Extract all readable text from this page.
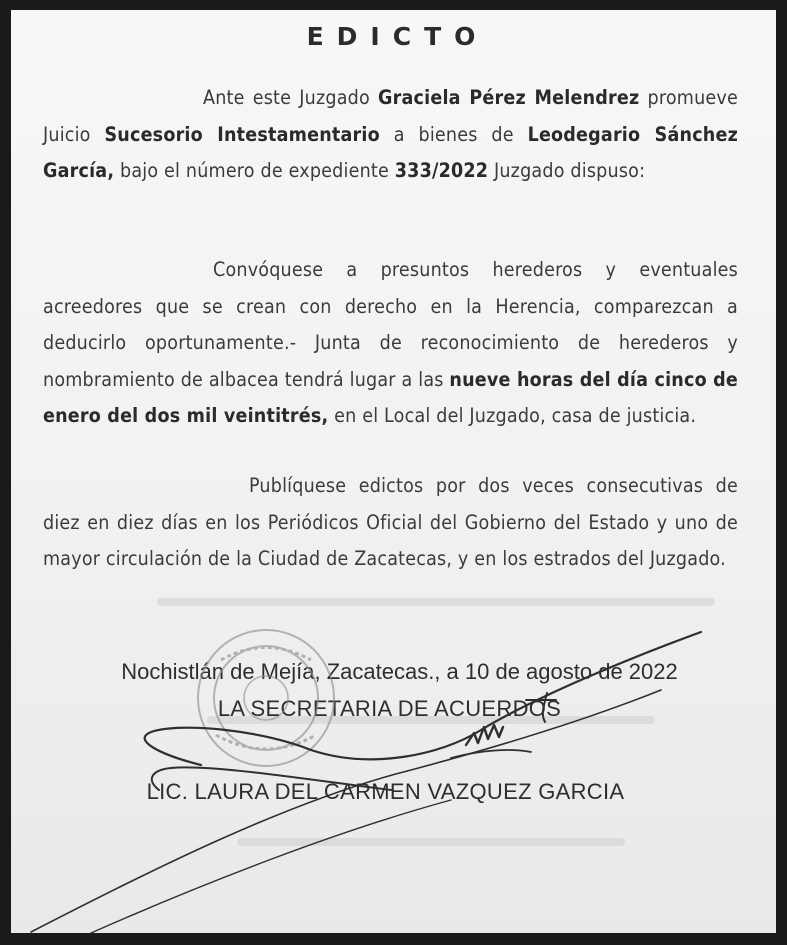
EDICTO
Ante este Juzgado Graciela Pérez Melendrez promueve Juicio Sucesorio Intestamentario a bienes de Leodegario Sánchez García, bajo el número de expediente 333/2022 Juzgado dispuso:
Convóquese a presuntos herederos y eventuales acreedores que se crean con derecho en la Herencia, comparezcan a deducirlo oportunamente.- Junta de reconocimiento de herederos y nombramiento de albacea tendrá lugar a las nueve horas del día cinco de enero del dos mil veintitrés, en el Local del Juzgado, casa de justicia.
Publíquese edictos por dos veces consecutivas de diez en diez días en los Periódicos Oficial del Gobierno del Estado y uno de mayor circulación de la Ciudad de Zacatecas, y en los estrados del Juzgado.
Nochistlán de Mejía, Zacatecas., a 10 de agosto de 2022
LA SECRETARIA DE ACUERDOS
LIC. LAURA DEL CARMEN VAZQUEZ GARCIA
